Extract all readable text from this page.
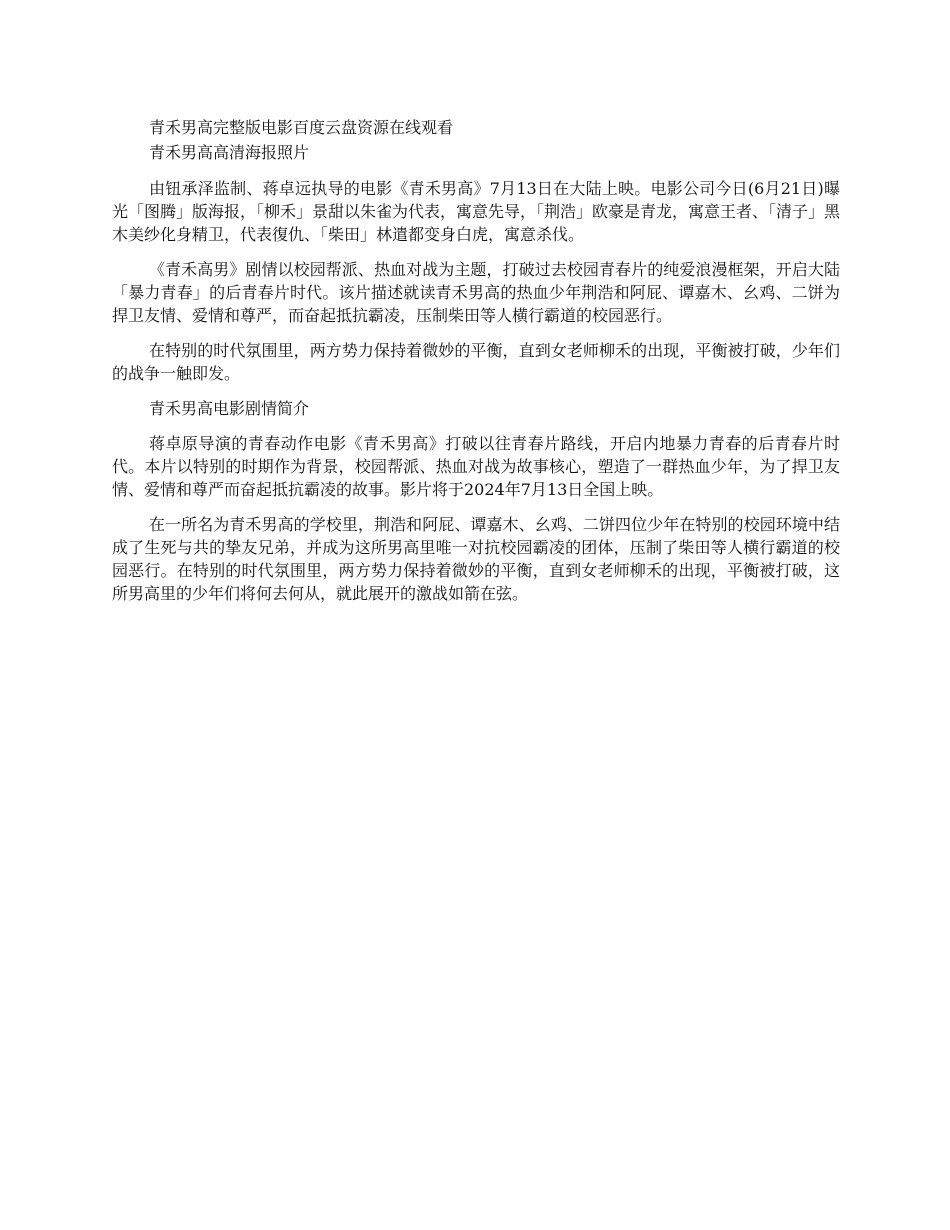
青禾男高完整版电影百度云盘资源在线观看

青禾男高高清海报照片

由钮承泽监制、蒋卓远执导的电影《青禾男高》7月13日在大陆上映。电影公司今日(6月21日)曝光「图腾」版海报，「柳禾」景甜以朱雀为代表，寓意先导，「荆浩」欧豪是青龙，寓意王者、「清子」黑木美纱化身精卫，代表復仇、「柴田」林遣都变身白虎，寓意杀伐。

《青禾高男》剧情以校园帮派、热血对战为主题，打破过去校园青春片的纯爱浪漫框架，开启大陆「暴力青春」的后青春片时代。该片描述就读青禾男高的热血少年荆浩和阿屁、谭嘉木、幺鸡、二饼为捍卫友情、爱情和尊严，而奋起抵抗霸凌，压制柴田等人横行霸道的校园恶行。

在特别的时代氛围里，两方势力保持着微妙的平衡，直到女老师柳禾的出现，平衡被打破，少年们的战争一触即发。

青禾男高电影剧情简介

蒋卓原导演的青春动作电影《青禾男高》打破以往青春片路线，开启内地暴力青春的后青春片时代。本片以特别的时期作为背景，校园帮派、热血对战为故事核心，塑造了一群热血少年，为了捍卫友情、爱情和尊严而奋起抵抗霸凌的故事。影片将于2024年7月13日全国上映。

在一所名为青禾男高的学校里，荆浩和阿屁、谭嘉木、幺鸡、二饼四位少年在特别的校园环境中结成了生死与共的挚友兄弟，并成为这所男高里唯一对抗校园霸凌的团体，压制了柴田等人横行霸道的校园恶行。在特别的时代氛围里，两方势力保持着微妙的平衡，直到女老师柳禾的出现，平衡被打破，这所男高里的少年们将何去何从，就此展开的激战如箭在弦。
